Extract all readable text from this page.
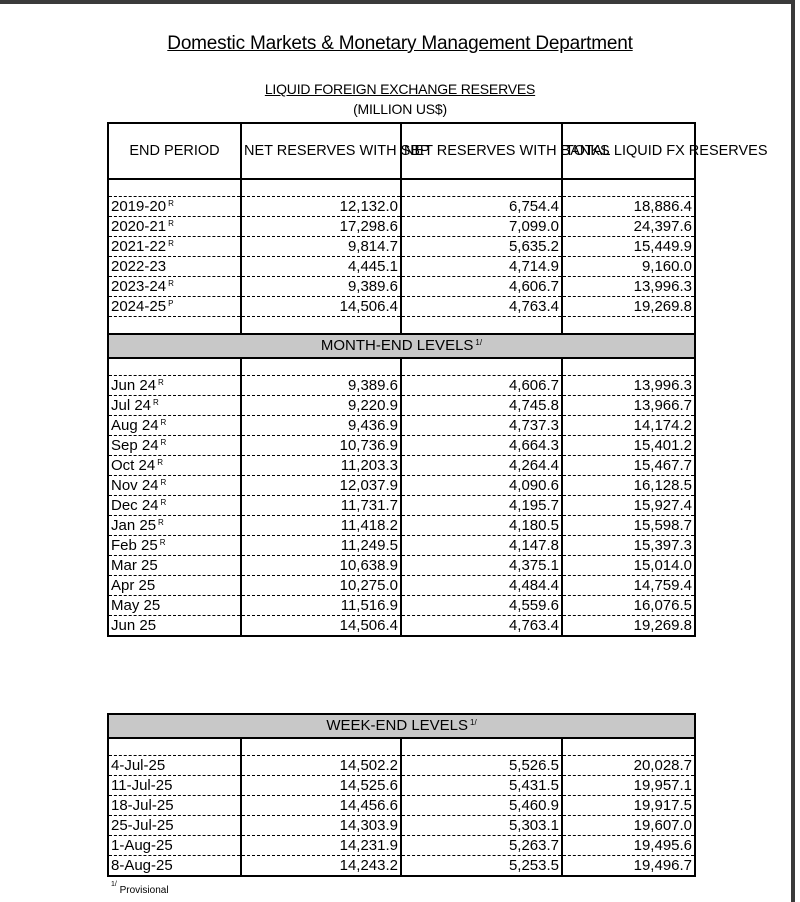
Domestic Markets & Monetary Management Department
LIQUID FOREIGN EXCHANGE RESERVES
(MILLION US$)
END PERIOD	NET RESERVES WITH SBP	NET RESERVES WITH BANKS	TOTAL LIQUID FX RESERVES

2019-20 $^R$	12,132.0	6,754.4	18,886.4
2020-21 $^R$	17,298.6	7,099.0	24,397.6
2021-22 $^R$	9,814.7	5,635.2	15,449.9
2022-23	4,445.1	4,714.9	9,160.0
2023-24 $^R$	9,389.6	4,606.7	13,996.3
2024-25 $^P$	14,506.4	4,763.4	19,269.8

MONTH-END LEVELS $^{1/}$

Jun 24 $^R$	9,389.6	4,606.7	13,996.3
Jul 24 $^R$	9,220.9	4,745.8	13,966.7
Aug 24 $^R$	9,436.9	4,737.3	14,174.2
Sep 24 $^R$	10,736.9	4,664.3	15,401.2
Oct 24 $^R$	11,203.3	4,264.4	15,467.7
Nov 24 $^R$	12,037.9	4,090.6	16,128.5
Dec 24 $^R$	11,731.7	4,195.7	15,927.4
Jan 25 $^R$	11,418.2	4,180.5	15,598.7
Feb 25 $^R$	11,249.5	4,147.8	15,397.3
Mar 25	10,638.9	4,375.1	15,014.0
Apr 25	10,275.0	4,484.4	14,759.4
May 25	11,516.9	4,559.6	16,076.5
Jun 25	14,506.4	4,763.4	19,269.8
WEEK-END LEVELS $^{1/}$

4-Jul-25	14,502.2	5,526.5	20,028.7
11-Jul-25	14,525.6	5,431.5	19,957.1
18-Jul-25	14,456.6	5,460.9	19,917.5
25-Jul-25	14,303.9	5,303.1	19,607.0
1-Aug-25	14,231.9	5,263.7	19,495.6
8-Aug-25	14,243.2	5,253.5	19,496.7
$^{1/}$ Provisional
